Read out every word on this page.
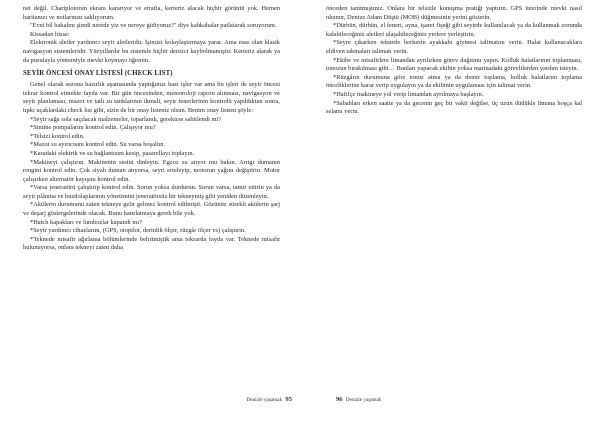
net değil. Chartplotorun ekranı kararıyor ve etrafta, kerteriz alacak hiçbir görüntü yok. Hemen haritanızı ve notlarınızı saklıyorum.

"Evet bil bakalım şimdi nerede yiz ve nereye gidiyoruz?" diye kahkahalar patlatarak soruyorum.

Kissadan hisse:

Elektronik aletler yardımcı seyir aletleridir. İşimizi kolaylaştırmaya yarar. Ama esas olan klasik navigasyon sistemleridir. Yüzyıllardır bu sistemle hiçbir denizci kaybolmamıştır. Kerteriz alarak ya da pusulayla yöntemiyle mevki koymayı öğrenin.

SEYİR ÖNCESİ ONAY LİSTESİ (CHECK LIST)

Genel olarak sezona hazırlık aşamasında yaptığımız bazı işler var ama bu işleri de seyir öncesi tekrar kontrol etmekte fayda var. Bir gün öncesinden, meteoroloji raporu alınması, navigasyon ve seyir planlaması, mazot ve tatlı su tanklarının ikmali, seyir fenerlerinin kontrolü yapıldıktan sonra, tıpkı uçaklardaki check list gibi, sizin de bir onay listeniz olsun. Benim onay listem şöyle:

*Seyir sağa sola saçılacak malzemeler, toparlandı, gerekirse sabitlendi mi?

*Sintine pompalarını kontrol edin. Çalışıyor mu?

*Telsizi kontrol edin.

*Mazot su ayırıcısını kontrol edin. Su varsa boşaltın.

*Karadaki elektrik ve su bağlantısını kesip, pasarellayı toplayın.

*Makineyi çalıştırın. Makinenin sesini dinleyin. Egzoz su atıyor mu bakın. Arıtgı dumanın rengini kontrol edin. Çok siyah duman atıyorsa, seyri erteleyip, motorun yağını değiştirin. Motor çalışırken alternatör kayışını kontrol edin.

*Varsa jeneratörü çalıştırıp kontrol edin. Sorun yoksa durdurun. Sorun varsa, tamir ettirin ya da seyir plânına ve buzdolaplarının yönetimini jeneratörsüz bir tekneymiş gibi yeniden düzenleyin.

*Akülerin durumunu zaten tekneye gelir gelmez kontrol edilmişti. Gözünüz sürekli akülerin şarj ve deşarj göstergelerinde olacak. Bunu hatırlatmaya gerek bile yok.

*Hatch kapakları ve lumbozlar kapandı mı?

*Seyir yardımcı cihazlarını, (GPS, otopilot, derinlik ölçer, rüzgâr ölçer vs) çalıştırın.

*Teknede misafir ağırlama bölümlerinde belirtmiştik ama tekrarda fayda var. Teknede misafir bulunuyorsa, onlara tekneyi zaten daha

Denizle yaşamak 95

önceden tanıtmıştınız. Onlara bir telsizle konuşma pratiği yaptırın. GPS üzerinde mevki nasıl okunur, Denize Adam Düştü (MOB) düğmesinin yerini gösterin.

*Dürbün, dürbün, el feneri, ayna, işaret fişeği gibi seyirde kullanılacak ya da kullanmak zorunda kalabileceğiniz aletleri ulaşabileceğiniz yerlere yerleştirin.

*Seyre çıkarken teknede herkesin ayakkabı giymesi talimatını verin. Halat kullanacaklara eldiven takmaları talimatı verin.

*Ekibe ve misafirlere limandan ayrılırken görev dağıtımı yapın. Kolluk halatlarının toplanması, tonozun bırakılması gibi… Bunları yapacak ekibin yoksa marinadaki görevlilerden yardım isteyin.

*Rüzgârın durumuna göre tonoz atma ya da demir toplama, kolluk halatlarını toplama önceliklerine karar verip uygulayın ya da ekibinin uygulaması için talimat verin.

*Hafifçe makineye yol verip limandan ayrılmaya başlayın.

*Sabahları erken saatte ya da gecenin geç bir vakti değilse, üç uzun düdükle limana hoşça kal selamı verin.

96 Denizle yaşamak
